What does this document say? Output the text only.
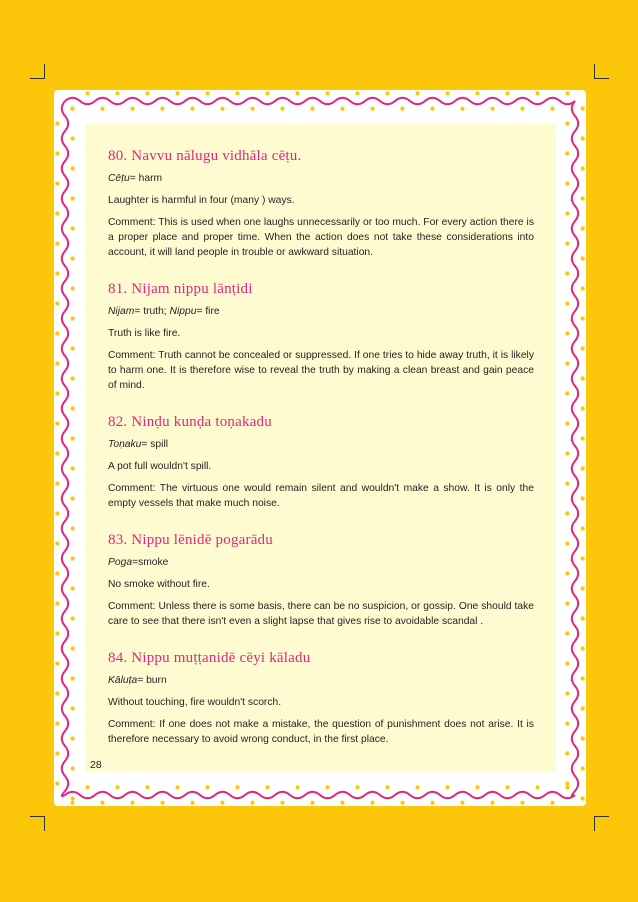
80. Navvu nālugu vidhāla cēṭu.

Cēṭu= harm

Laughter is harmful in four (many ) ways.

Comment: This is used when one laughs unnecessarily or too much. For every action there is a proper place and proper time. When the action does not take these considerations into account, it will land people in trouble or awkward situation.

81. Nijam nippu lānṭidi

Nijam= truth; Nippu= fire

Truth is like fire.

Comment: Truth cannot be concealed or suppressed. If one tries to hide away truth, it is likely to harm one. It is therefore wise to reveal the truth by making a clean breast and gain peace of mind.

82. Ninḍu kunḍa toṇakadu

Toṇaku= spill

A pot full wouldn't spill.

Comment: The virtuous one would remain silent and wouldn't make a show. It is only the empty vessels that make much noise.

83. Nippu lēnidē pogarādu

Poga=smoke

No smoke without fire.

Comment: Unless there is some basis, there can be no suspicion, or gossip. One should take care to see that there isn't even a slight lapse that gives rise to avoidable scandal .

84. Nippu muṭṭanidē cēyi kāladu

Kāluṭa= burn

Without touching, fire wouldn't scorch.

Comment: If one does not make a mistake, the question of punishment does not arise. It is therefore necessary to avoid wrong conduct, in the first place.

28
